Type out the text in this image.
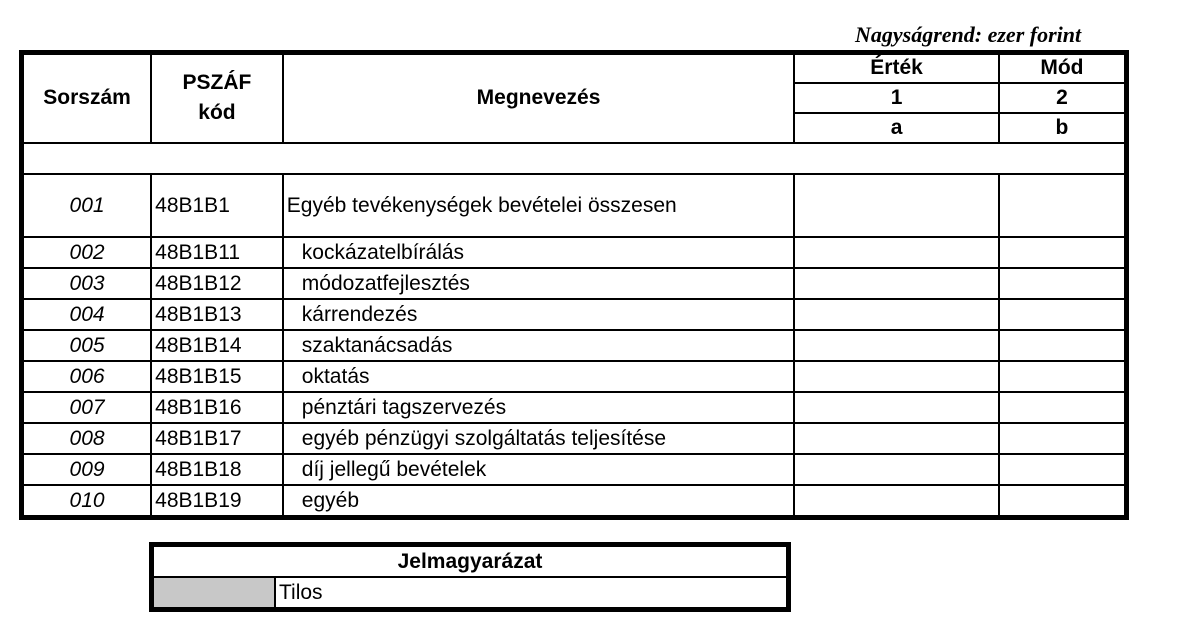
Nagyságrend: ezer forint
Sorszám	PSZÁF kód	Megnevezés	Érték	Mód
			1	2
			a	b

001	48B1B1	Egyéb tevékenységek bevételei összesen		
002	48B1B11	kockázatelbírálás		
003	48B1B12	módozatfejlesztés		
004	48B1B13	kárrendezés		
005	48B1B14	szaktanácsadás		
006	48B1B15	oktatás		
007	48B1B16	pénztári tagszervezés		
008	48B1B17	egyéb pénzügyi szolgáltatás teljesítése		
009	48B1B18	díj jellegű bevételek		
010	48B1B19	egyéb		
Jelmagyarázat
	Tilos
